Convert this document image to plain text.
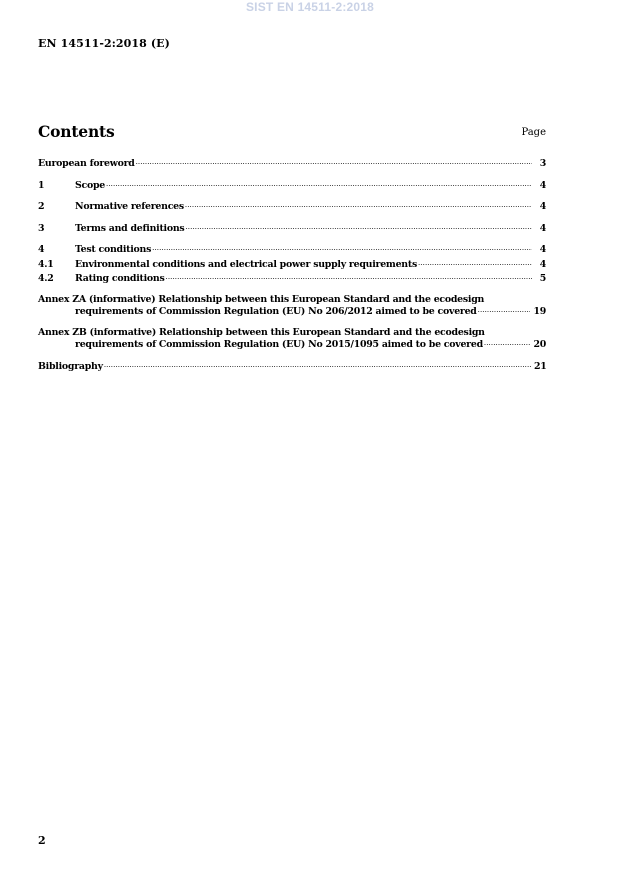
SIST EN 14511-2:2018
EN 14511-2:2018 (E)
Contents	Page
European foreword .....	3
1	Scope .....	4
2	Normative references .....	4
3	Terms and definitions .....	4
4	Test conditions .....	4
4.1	Environmental conditions and electrical power supply requirements .....	4
4.2	Rating conditions .....	5
Annex ZA (informative) Relationship between this European Standard and the ecodesign
requirements of Commission Regulation (EU) No 206/2012 aimed to be covered .....	19
Annex ZB (informative) Relationship between this European Standard and the ecodesign
requirements of Commission Regulation (EU) No 2015/1095 aimed to be covered .....	20
Bibliography .....	21
2
